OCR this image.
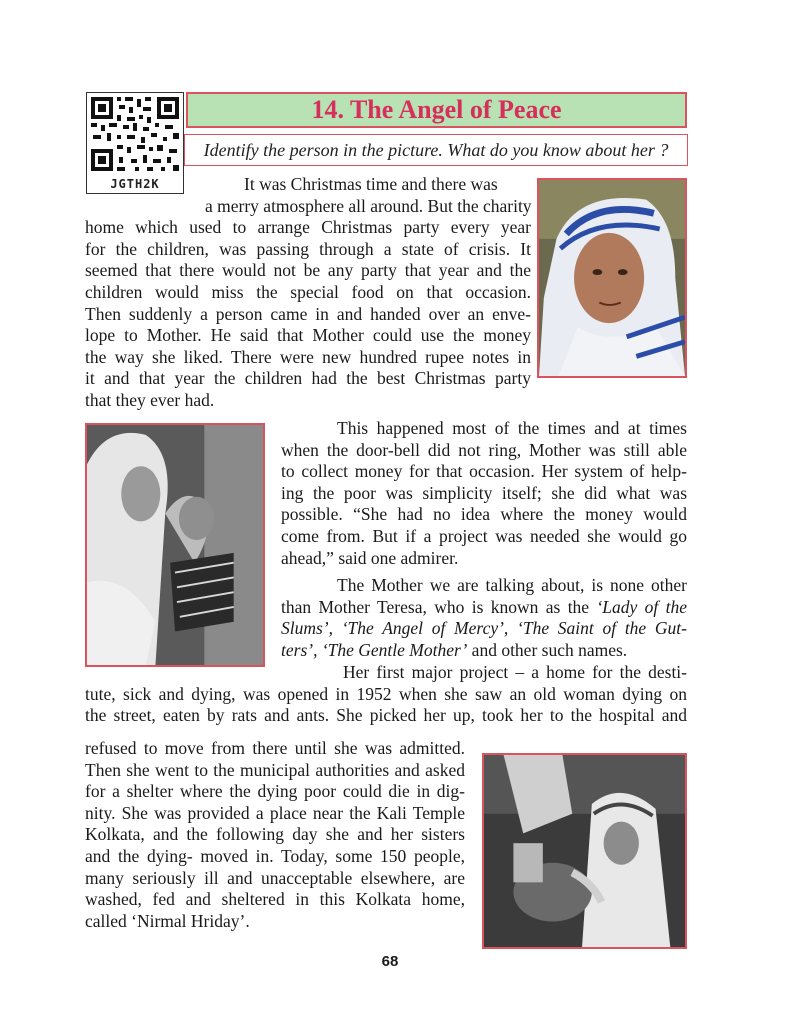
JGTH2K
14. The Angel of Peace
Identify the person in the picture. What do you know about her ?
It was Christmas time and there was
a merry atmosphere all around. But the charity
home which used to arrange Christmas party every year
for the children, was passing through a state of crisis. It
seemed that there would not be any party that year and the
children would miss the special food on that occasion.
Then suddenly a person came in and handed over an enve-
lope to Mother. He said that Mother could use the money
the way she liked. There were new hundred rupee notes in
it and that year the children had the best Christmas party
that they ever had.
This happened most of the times and at times
when the door-bell did not ring, Mother was still able
to collect money for that occasion. Her system of help-
ing the poor was simplicity itself; she did what was
possible. “She had no idea where the money would
come from. But if a project was needed she would go
ahead,” said one admirer.
The Mother we are talking about, is none other
than Mother Teresa, who is known as the ‘Lady of the
Slums’, ‘The Angel of Mercy’, ‘The Saint of the Gut-
ters’, ‘The Gentle Mother’ and other such names.
Her first major project – a home for the desti-
tute, sick and dying, was opened in 1952 when she saw an old woman dying on
the street, eaten by rats and ants. She picked her up, took her to the hospital and
refused to move from there until she was admitted.
Then she went to the municipal authorities and asked
for a shelter where the dying poor could die in dig-
nity. She was provided a place near the Kali Temple
Kolkata, and the following day she and her sisters
and the dying- moved in. Today, some 150 people,
many seriously ill and unacceptable elsewhere, are
washed, fed and sheltered in this Kolkata home,
called ‘Nirmal Hriday’.
68
